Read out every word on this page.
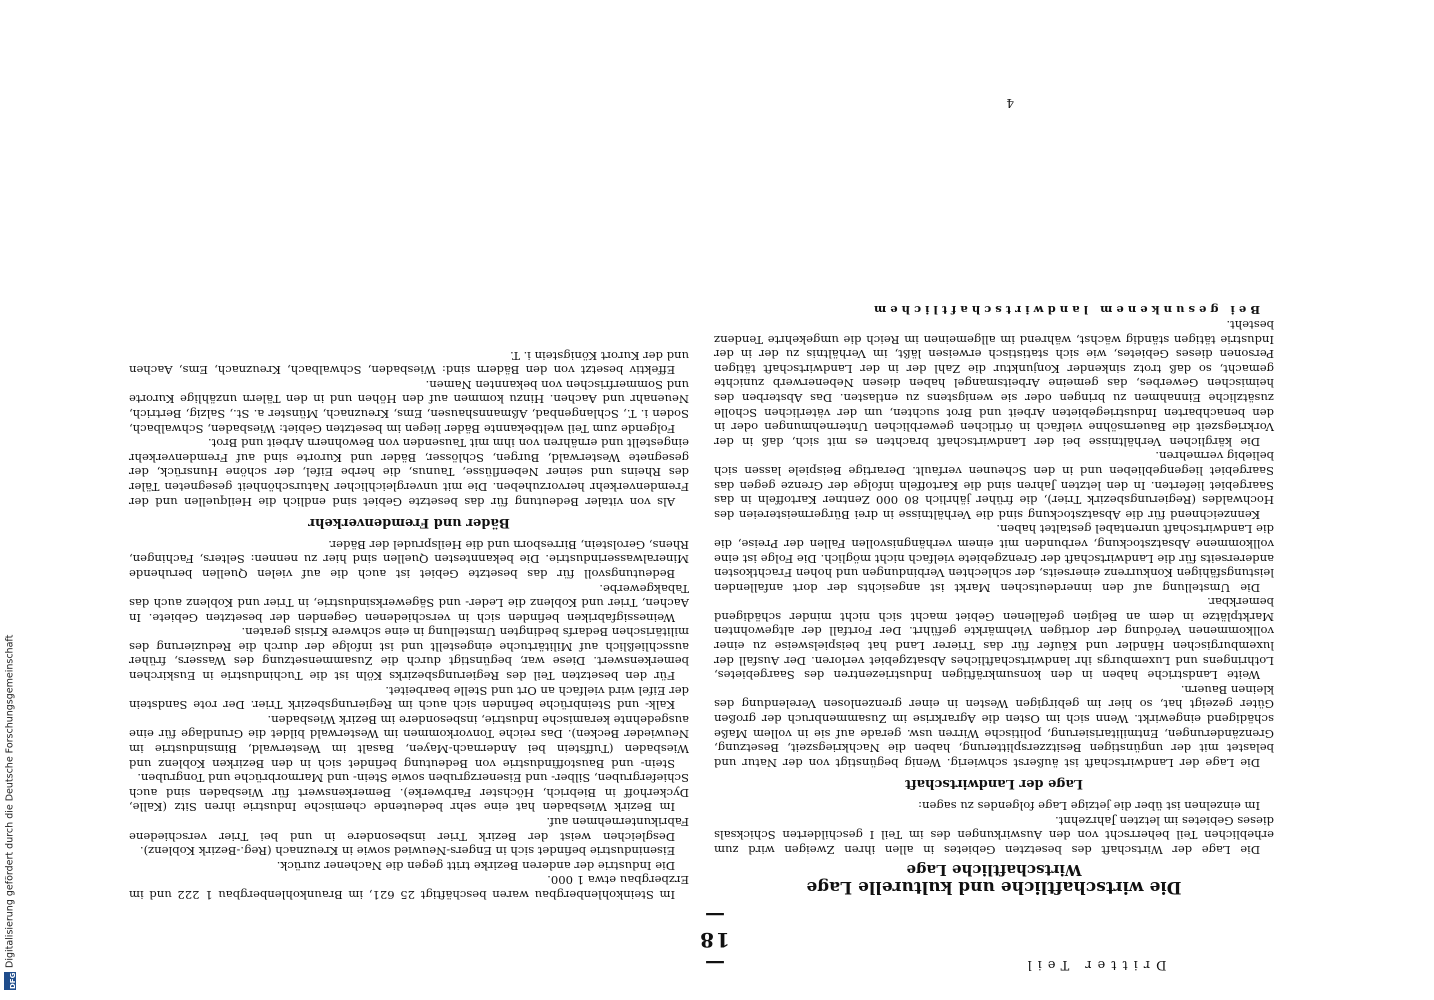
DFG
Digitalisierung gefördert durch die Deutsche Forschungsgemeinschaft	— 18 —
Dritter Teil

Im Steinkohlenbergbau waren beschäftigt 25 621, im Braunkohlenbergbau 1 222 und im Erzbergbau etwa 1 000.

Die Industrie der anderen Bezirke tritt gegen die Nachener zurück.

Eisenindustrie befindet sich in Engers-Neuwied sowie in Kreuznach (Reg.-Bezirk Koblenz).

Desgleichen weist der Bezirk Trier insbesondere in und bei Trier verschiedene Fabrikunternehmen auf.

Im Bezirk Wiesbaden hat eine sehr bedeutende chemische Industrie ihren Sitz (Kalle, Dyckerhoff in Biebrich, Höchster Farbwerke). Bemerkenswert für Wiesbaden sind auch Schiefergruben, Silber- und Eisenerzgruben sowie Stein- und Marmorbrüche und Tongruben.

Stein- und Baustoffindustrie von Bedeutung befindet sich in den Bezirken Koblenz und Wiesbaden (Tuffstein bei Andernach-Mayen, Basalt im Westerwald, Bimsindustrie im Neuwieder Becken). Das reiche Tonvorkommen im Westerwald bildet die Grundlage für eine ausgedehnte keramische Industrie, insbesondere im Bezirk Wiesbaden.

Kalk- und Steinbrüche befinden sich auch im Regierungsbezirk Trier. Der rote Sandstein der Eifel wird vielfach an Ort und Stelle bearbeitet.

Für den besetzten Teil des Regierungsbezirks Köln ist die Tuchindustrie in Euskirchen bemerkenswert. Diese war, begünstigt durch die Zusammensetzung des Wassers, früher ausschließlich auf Militärtuche eingestellt und ist infolge der durch die Reduzierung des militärischen Bedarfs bedingten Umstellung in eine schwere Krisis geraten.

Weinessigfabriken befinden sich in verschiedenen Gegenden der besetzten Gebiete. In Aachen, Trier und Koblenz die Leder- und Sägewerksindustrie, in Trier und Koblenz auch das Tabakgewerbe.

Bedeutungsvoll für das besetzte Gebiet ist auch die auf vielen Quellen beruhende Mineralwasserindustrie. Die bekanntesten Quellen sind hier zu nennen: Selters, Fachingen, Rhens, Gerolstein, Birresborn und die Heilsprudel der Bäder.

Bäder und Fremdenverkehr

Als von vitaler Bedeutung für das besetzte Gebiet sind endlich die Heilquellen und der Fremdenverkehr hervorzuheben. Die mit unvergleichlicher Naturschönheit gesegneten Täler des Rheins und seiner Nebenflüsse, Taunus, die herbe Eifel, der schöne Hunsrück, der gesegnete Westerwald, Burgen, Schlösser, Bäder und Kurorte sind auf Fremdenverkehr eingestellt und ernähren von ihm mit Tausenden von Bewohnern Arbeit und Brot.

Folgende zum Teil weltbekannte Bäder liegen im besetzten Gebiet: Wiesbaden, Schwalbach, Soden i. T., Schlangenbad, Aßmannshausen, Ems, Kreuznach, Münster a. St., Salzig, Bertrich, Neuenahr und Aachen. Hinzu kommen auf den Höhen und in den Tälern unzählige Kurorte und Sommerfrischen von bekannten Namen.

Effektiv besetzt von den Bädern sind: Wiesbaden, Schwalbach, Kreuznach, Ems, Aachen und der Kurort Königstein i. T.

Die wirtschaftliche und kulturelle Lage
Wirtschaftliche Lage

Die Lage der Wirtschaft des besetzten Gebietes in allen ihren Zweigen wird zum erheblichen Teil beherrscht von den Auswirkungen des im Teil I geschilderten Schicksals dieses Gebietes im letzten Jahrzehnt.

Im einzelnen ist über die jetzige Lage folgendes zu sagen:

Lage der Landwirtschaft

Die Lage der Landwirtschaft ist äußerst schwierig. Wenig begünstigt von der Natur und belastet mit der ungünstigen Besitzzersplitterung, haben die Nachkriegszeit, Besetzung, Grenzänderungen, Entmilitarisierung, politische Wirren usw. gerade auf sie in vollem Maße schädigend eingewirkt. Wenn sich im Osten die Agrarkrise im Zusammenbruch der großen Güter gezeigt hat, so hier im gebirgigen Westen in einer grenzenlosen Verelendung des kleinen Bauern.

Weite Landstriche haben in den konsumkräftigen Industriezentren des Saargebietes, Lothringens und Luxemburgs ihr landwirtschaftliches Absatzgebiet verloren. Der Ausfall der luxemburgischen Händler und Käufer für das Trierer Land hat beispielsweise zu einer vollkommenen Verödung der dortigen Viehmärkte geführt. Der Fortfall der altgewohnten Marktplätze in dem an Belgien gefallenen Gebiet macht sich nicht minder schädigend bemerkbar.

Die Umstellung auf den innerdeutschen Markt ist angesichts der dort anfallenden leistungsfähigen Konkurrenz einerseits, der schlechten Verbindungen und hohen Frachtkosten andererseits für die Landwirtschaft der Grenzgebiete vielfach nicht möglich. Die Folge ist eine vollkommene Absatzstockung, verbunden mit einem verhängnisvollen Fallen der Preise, die die Landwirtschaft unrentabel gestaltet haben.

Kennzeichnend für die Absatzstockung sind die Verhältnisse in drei Bürgermeistereien des Hochwaldes (Regierungsbezirk Trier), die früher jährlich 80 000 Zentner Kartoffeln in das Saargebiet lieferten. In den letzten Jahren sind die Kartoffeln infolge der Grenze gegen das Saargebiet liegengeblieben und in den Scheunen verfault. Derartige Beispiele lassen sich beliebig vermehren.

Die kärglichen Verhältnisse bei der Landwirtschaft brachten es mit sich, daß in der Vorkriegszeit die Bauernsöhne vielfach in örtlichen gewerblichen Unternehmungen oder in den benachbarten Industriegebieten Arbeit und Brot suchten, um der väterlichen Scholle zusätzliche Einnahmen zu bringen oder sie wenigstens zu entlasten. Das Absterben des heimischen Gewerbes, das gemeine Arbeitsmangel haben diesen Nebenerwerb zunichte gemacht, so daß trotz sinkender Konjunktur die Zahl der in der Landwirtschaft tätigen Personen dieses Gebietes, wie sich statistisch erweisen läßt, im Verhältnis zu der in der Industrie tätigen ständig wächst, während im allgemeinen im Reich die umgekehrte Tendenz besteht.

Bei gesunkenem landwirtschaftlichem

4
